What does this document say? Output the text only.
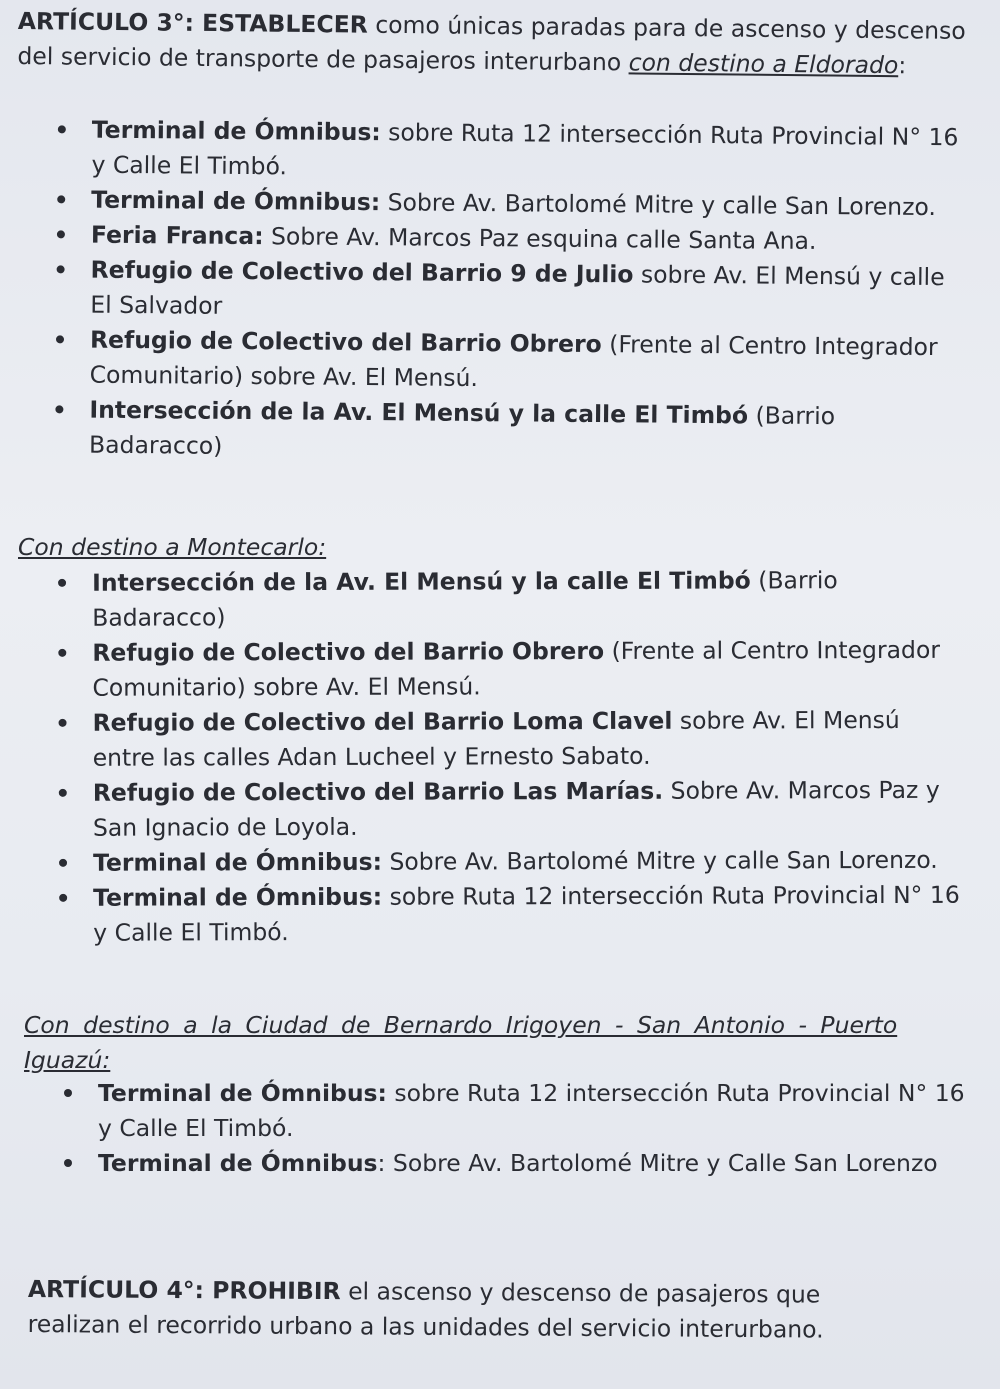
ARTÍCULO 3°: ESTABLECER como únicas paradas para de ascenso y descenso del servicio de transporte de pasajeros interurbano con destino a Eldorado:

Terminal de Ómnibus: sobre Ruta 12 intersección Ruta Provincial N° 16 y Calle El Timbó.
Terminal de Ómnibus: Sobre Av. Bartolomé Mitre y calle San Lorenzo.
Feria Franca: Sobre Av. Marcos Paz esquina calle Santa Ana.
Refugio de Colectivo del Barrio 9 de Julio sobre Av. El Mensú y calle El Salvador
Refugio de Colectivo del Barrio Obrero (Frente al Centro Integrador Comunitario) sobre Av. El Mensú.
Intersección de la Av. El Mensú y la calle El Timbó (Barrio Badaracco)

Con destino a Montecarlo:

Intersección de la Av. El Mensú y la calle El Timbó (Barrio Badaracco)
Refugio de Colectivo del Barrio Obrero (Frente al Centro Integrador Comunitario) sobre Av. El Mensú.
Refugio de Colectivo del Barrio Loma Clavel sobre Av. El Mensú entre las calles Adan Lucheel y Ernesto Sabato.
Refugio de Colectivo del Barrio Las Marías. Sobre Av. Marcos Paz y San Ignacio de Loyola.
Terminal de Ómnibus: Sobre Av. Bartolomé Mitre y calle San Lorenzo.
Terminal de Ómnibus: sobre Ruta 12 intersección Ruta Provincial N° 16 y Calle El Timbó.

Con destino a la Ciudad de Bernardo Irigoyen - San Antonio - Puerto Iguazú:

Terminal de Ómnibus: sobre Ruta 12 intersección Ruta Provincial N° 16 y Calle El Timbó.
Terminal de Ómnibus: Sobre Av. Bartolomé Mitre y Calle San Lorenzo

ARTÍCULO 4°: PROHIBIR el ascenso y descenso de pasajeros que realizan el recorrido urbano a las unidades del servicio interurbano.
